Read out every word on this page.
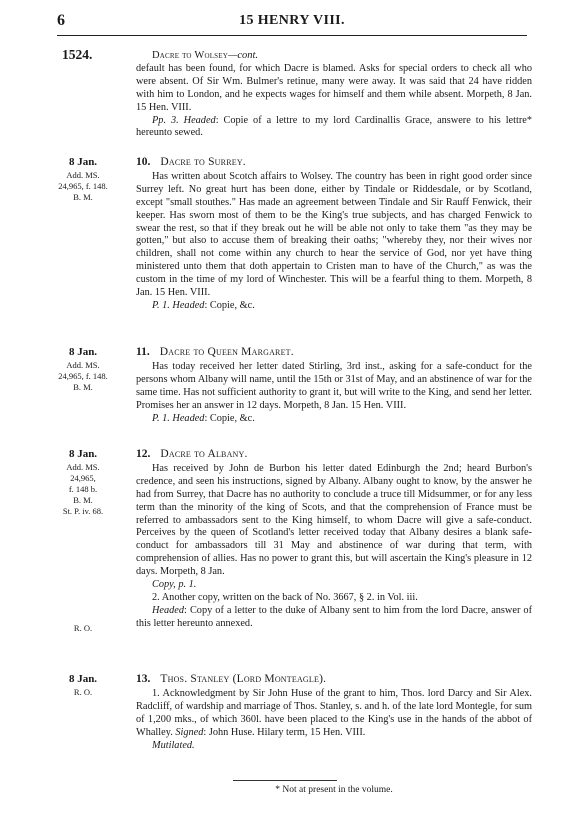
6	15 HENRY VIII.
1524.	Dacre to Wolsey—cont.

default has been found, for which Dacre is blamed. Asks for special orders to check all who were absent. Of Sir Wm. Bulmer's retinue, many were away. It was said that 24 have ridden with him to London, and he expects wages for himself and them while absent. Morpeth, 8 Jan. 15 Hen. VIII.

Pp. 3. Headed: Copie of a lettre to my lord Cardinallis Grace, answere to his lettre* hereunto sewed.

8 Jan.
Add. MS.
24,965, f. 148.
B. M.

10. Dacre to Surrey.

Has written about Scotch affairs to Wolsey. The country has been in right good order since Surrey left. No great hurt has been done, either by Tindale or Riddesdale, or by Scotland, except "small stouthes." Has made an agreement between Tindale and Sir Rauff Fenwick, their keeper. Has sworn most of them to be the King's true subjects, and has charged Fenwick to swear the rest, so that if they break out he will be able not only to take them "as they may be gotten," but also to accuse them of breaking their oaths; "whereby they, nor their wives nor children, shall not come within any church to hear the service of God, nor yet have thing ministered unto them that doth appertain to Cristen man to have of the Church," as was the custom in the time of my lord of Winchester. This will be a fearful thing to them. Morpeth, 8 Jan. 15 Hen. VIII.

P. 1. Headed: Copie, &c.

8 Jan.
Add. MS.
24,965, f. 148.
B. M.

11. Dacre to Queen Margaret.

Has today received her letter dated Stirling, 3rd inst., asking for a safe-conduct for the persons whom Albany will name, until the 15th or 31st of May, and an abstinence of war for the same time. Has not sufficient authority to grant it, but will write to the King, and send her letter. Promises her an answer in 12 days. Morpeth, 8 Jan. 15 Hen. VIII.

P. 1. Headed: Copie, &c.

8 Jan.
Add. MS.
24,965,
f. 148 b.
B. M.
St. P. iv. 68.

12. Dacre to Albany.

Has received by John de Burbon his letter dated Edinburgh the 2nd; heard Burbon's credence, and seen his instructions, signed by Albany. Albany ought to know, by the answer he had from Surrey, that Dacre has no authority to conclude a truce till Midsummer, or for any less term than the minority of the king of Scots, and that the comprehension of France must be referred to ambassadors sent to the King himself, to whom Dacre will give a safe-conduct. Perceives by the queen of Scotland's letter received today that Albany desires a blank safe-conduct for ambassadors till 31 May and abstinence of war during that term, with comprehension of allies. Has no power to grant this, but will ascertain the King's pleasure in 12 days. Morpeth, 8 Jan.

Copy, p. 1.

2. Another copy, written on the back of No. 3667, § 2. in Vol. iii.

Headed: Copy of a letter to the duke of Albany sent to him from the lord Dacre, answer of this letter hereunto annexed.

R. O.
8 Jan.
R. O.

13. Thos. Stanley (Lord Monteagle).

1. Acknowledgment by Sir John Huse of the grant to him, Thos. lord Darcy and Sir Alex. Radcliff, of wardship and marriage of Thos. Stanley, s. and h. of the late lord Montegle, for sum of 1,200 mks., of which 360l. have been placed to the King's use in the hands of the abbot of Whalley. Signed: John Huse. Hilary term, 15 Hen. VIII.

Mutilated.

* Not at present in the volume.
